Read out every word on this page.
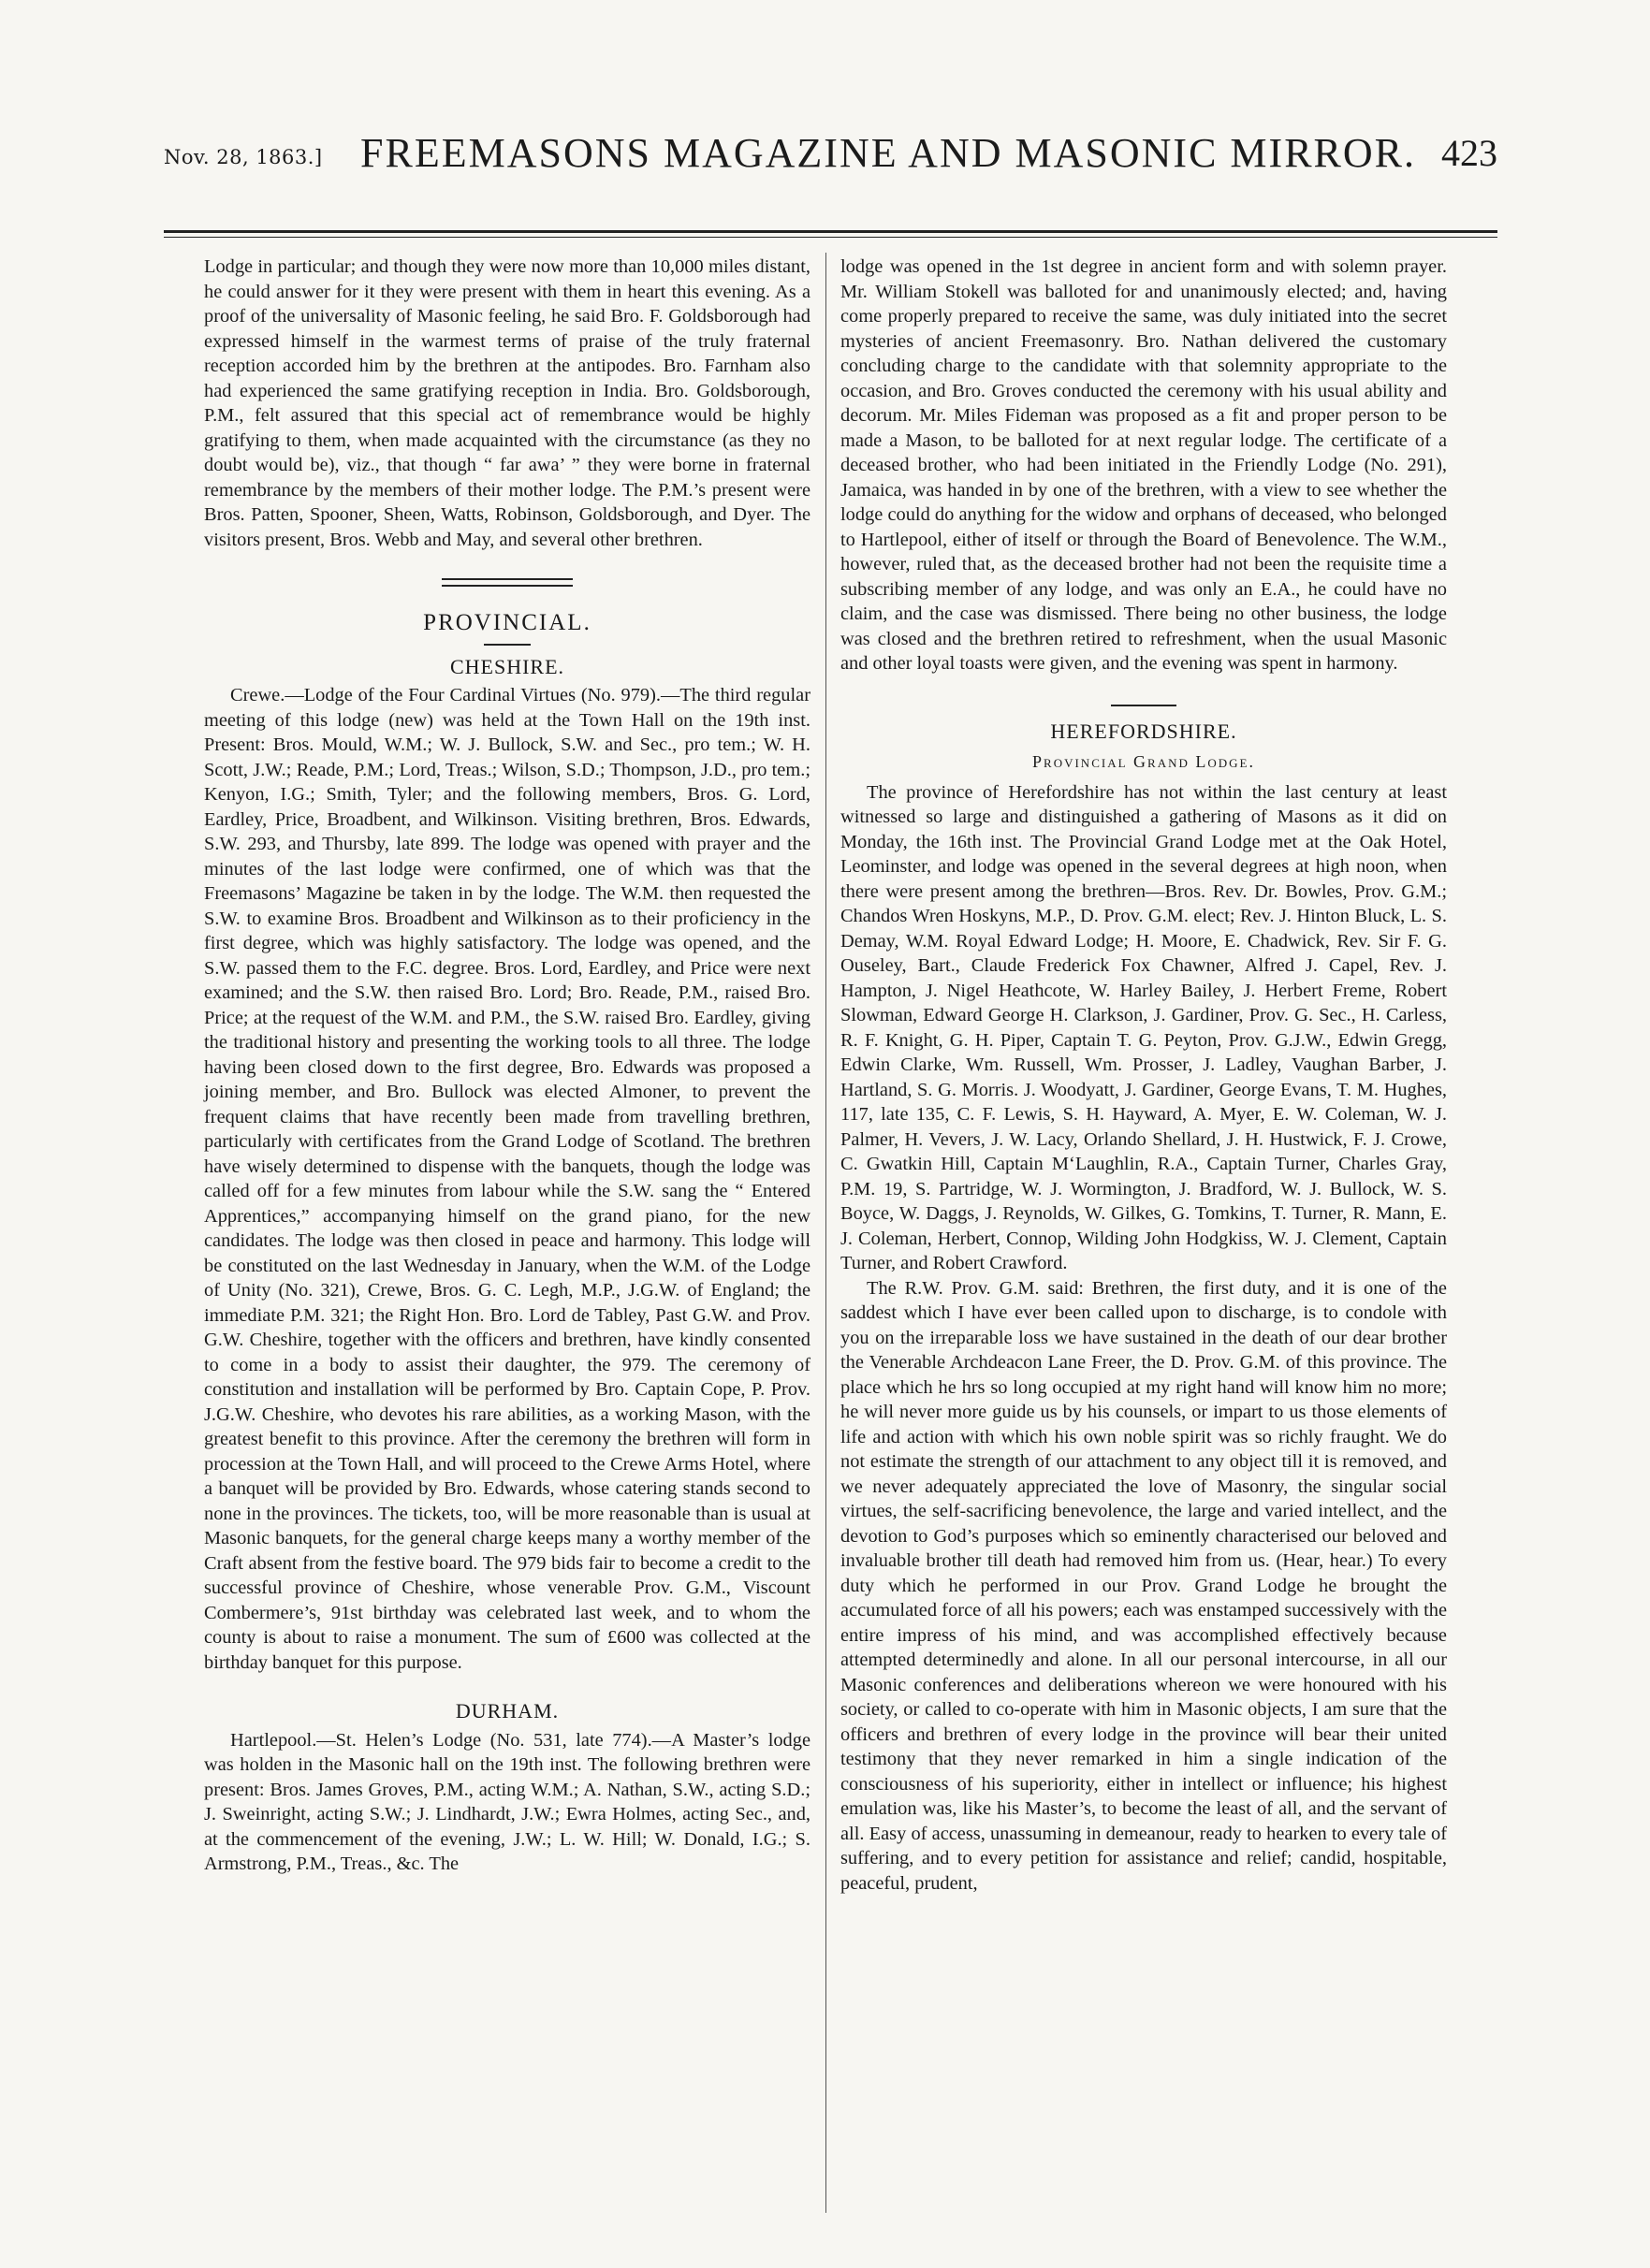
Nov. 28, 1863.] FREEMASONS MAGAZINE AND MASONIC MIRROR. 423

Lodge in particular; and though they were now more than 10,000 miles distant, he could answer for it they were present with them in heart this evening. As a proof of the universality of Masonic feeling, he said Bro. F. Goldsborough had expressed himself in the warmest terms of praise of the truly fraternal reception accorded him by the brethren at the antipodes. Bro. Farnham also had experienced the same gratifying reception in India. Bro. Goldsborough, P.M., felt assured that this special act of remembrance would be highly gratifying to them, when made acquainted with the circumstance (as they no doubt would be), viz., that though “ far awa’ ” they were borne in fraternal remembrance by the members of their mother lodge. The P.M.’s present were Bros. Patten, Spooner, Sheen, Watts, Robinson, Goldsborough, and Dyer. The visitors present, Bros. Webb and May, and several other brethren.

PROVINCIAL.
CHESHIRE.

Crewe.—Lodge of the Four Cardinal Virtues (No. 979).—The third regular meeting of this lodge (new) was held at the Town Hall on the 19th inst. Present: Bros. Mould, W.M.; W. J. Bullock, S.W. and Sec., pro tem.; W. H. Scott, J.W.; Reade, P.M.; Lord, Treas.; Wilson, S.D.; Thompson, J.D., pro tem.; Kenyon, I.G.; Smith, Tyler; and the following members, Bros. G. Lord, Eardley, Price, Broadbent, and Wilkinson. Visiting brethren, Bros. Edwards, S.W. 293, and Thursby, late 899. The lodge was opened with prayer and the minutes of the last lodge were confirmed, one of which was that the Freemasons’ Magazine be taken in by the lodge. The W.M. then requested the S.W. to examine Bros. Broadbent and Wilkinson as to their proficiency in the first degree, which was highly satisfactory. The lodge was opened, and the S.W. passed them to the F.C. degree. Bros. Lord, Eardley, and Price were next examined; and the S.W. then raised Bro. Lord; Bro. Reade, P.M., raised Bro. Price; at the request of the W.M. and P.M., the S.W. raised Bro. Eardley, giving the traditional history and presenting the working tools to all three. The lodge having been closed down to the first degree, Bro. Edwards was proposed a joining member, and Bro. Bullock was elected Almoner, to prevent the frequent claims that have recently been made from travelling brethren, particularly with certificates from the Grand Lodge of Scotland. The brethren have wisely determined to dispense with the banquets, though the lodge was called off for a few minutes from labour while the S.W. sang the “ Entered Apprentices,” accompanying himself on the grand piano, for the new candidates. The lodge was then closed in peace and harmony. This lodge will be constituted on the last Wednesday in January, when the W.M. of the Lodge of Unity (No. 321), Crewe, Bros. G. C. Legh, M.P., J.G.W. of England; the immediate P.M. 321; the Right Hon. Bro. Lord de Tabley, Past G.W. and Prov. G.W. Cheshire, together with the officers and brethren, have kindly consented to come in a body to assist their daughter, the 979. The ceremony of constitution and installation will be performed by Bro. Captain Cope, P. Prov. J.G.W. Cheshire, who devotes his rare abilities, as a working Mason, with the greatest benefit to this province. After the ceremony the brethren will form in procession at the Town Hall, and will proceed to the Crewe Arms Hotel, where a banquet will be provided by Bro. Edwards, whose catering stands second to none in the provinces. The tickets, too, will be more reasonable than is usual at Masonic banquets, for the general charge keeps many a worthy member of the Craft absent from the festive board. The 979 bids fair to become a credit to the successful province of Cheshire, whose venerable Prov. G.M., Viscount Combermere’s, 91st birthday was celebrated last week, and to whom the county is about to raise a monument. The sum of £600 was collected at the birthday banquet for this purpose.

DURHAM.

Hartlepool.—St. Helen’s Lodge (No. 531, late 774).—A Master’s lodge was holden in the Masonic hall on the 19th inst. The following brethren were present: Bros. James Groves, P.M., acting W.M.; A. Nathan, S.W., acting S.D.; J. Sweinright, acting S.W.; J. Lindhardt, J.W.; Ewra Holmes, acting Sec., and, at the commencement of the evening, J.W.; L. W. Hill; W. Donald, I.G.; S. Armstrong, P.M., Treas., &c. The

lodge was opened in the 1st degree in ancient form and with solemn prayer. Mr. William Stokell was balloted for and unanimously elected; and, having come properly prepared to receive the same, was duly initiated into the secret mysteries of ancient Freemasonry. Bro. Nathan delivered the customary concluding charge to the candidate with that solemnity appropriate to the occasion, and Bro. Groves conducted the ceremony with his usual ability and decorum. Mr. Miles Fideman was proposed as a fit and proper person to be made a Mason, to be balloted for at next regular lodge. The certificate of a deceased brother, who had been initiated in the Friendly Lodge (No. 291), Jamaica, was handed in by one of the brethren, with a view to see whether the lodge could do anything for the widow and orphans of deceased, who belonged to Hartlepool, either of itself or through the Board of Benevolence. The W.M., however, ruled that, as the deceased brother had not been the requisite time a subscribing member of any lodge, and was only an E.A., he could have no claim, and the case was dismissed. There being no other business, the lodge was closed and the brethren retired to refreshment, when the usual Masonic and other loyal toasts were given, and the evening was spent in harmony.

HEREFORDSHIRE.
Provincial Grand Lodge.

The province of Herefordshire has not within the last century at least witnessed so large and distinguished a gathering of Masons as it did on Monday, the 16th inst. The Provincial Grand Lodge met at the Oak Hotel, Leominster, and lodge was opened in the several degrees at high noon, when there were present among the brethren—Bros. Rev. Dr. Bowles, Prov. G.M.; Chandos Wren Hoskyns, M.P., D. Prov. G.M. elect; Rev. J. Hinton Bluck, L. S. Demay, W.M. Royal Edward Lodge; H. Moore, E. Chadwick, Rev. Sir F. G. Ouseley, Bart., Claude Frederick Fox Chawner, Alfred J. Capel, Rev. J. Hampton, J. Nigel Heathcote, W. Harley Bailey, J. Herbert Freme, Robert Slowman, Edward George H. Clarkson, J. Gardiner, Prov. G. Sec., H. Carless, R. F. Knight, G. H. Piper, Captain T. G. Peyton, Prov. G.J.W., Edwin Gregg, Edwin Clarke, Wm. Russell, Wm. Prosser, J. Ladley, Vaughan Barber, J. Hartland, S. G. Morris. J. Woodyatt, J. Gardiner, George Evans, T. M. Hughes, 117, late 135, C. F. Lewis, S. H. Hayward, A. Myer, E. W. Coleman, W. J. Palmer, H. Vevers, J. W. Lacy, Orlando Shellard, J. H. Hustwick, F. J. Crowe, C. Gwatkin Hill, Captain M‘Laughlin, R.A., Captain Turner, Charles Gray, P.M. 19, S. Partridge, W. J. Wormington, J. Bradford, W. J. Bullock, W. S. Boyce, W. Daggs, J. Reynolds, W. Gilkes, G. Tomkins, T. Turner, R. Mann, E. J. Coleman, Herbert, Connop, Wilding John Hodgkiss, W. J. Clement, Captain Turner, and Robert Crawford.

The R.W. Prov. G.M. said: Brethren, the first duty, and it is one of the saddest which I have ever been called upon to discharge, is to condole with you on the irreparable loss we have sustained in the death of our dear brother the Venerable Archdeacon Lane Freer, the D. Prov. G.M. of this province. The place which he hrs so long occupied at my right hand will know him no more; he will never more guide us by his counsels, or impart to us those elements of life and action with which his own noble spirit was so richly fraught. We do not estimate the strength of our attachment to any object till it is removed, and we never adequately appreciated the love of Masonry, the singular social virtues, the self-sacrificing benevolence, the large and varied intellect, and the devotion to God’s purposes which so eminently characterised our beloved and invaluable brother till death had removed him from us. (Hear, hear.) To every duty which he performed in our Prov. Grand Lodge he brought the accumulated force of all his powers; each was enstamped successively with the entire impress of his mind, and was accomplished effectively because attempted determinedly and alone. In all our personal intercourse, in all our Masonic conferences and deliberations whereon we were honoured with his society, or called to co-operate with him in Masonic objects, I am sure that the officers and brethren of every lodge in the province will bear their united testimony that they never remarked in him a single indication of the consciousness of his superiority, either in intellect or influence; his highest emulation was, like his Master’s, to become the least of all, and the servant of all. Easy of access, unassuming in demeanour, ready to hearken to every tale of suffering, and to every petition for assistance and relief; candid, hospitable, peaceful, prudent,
